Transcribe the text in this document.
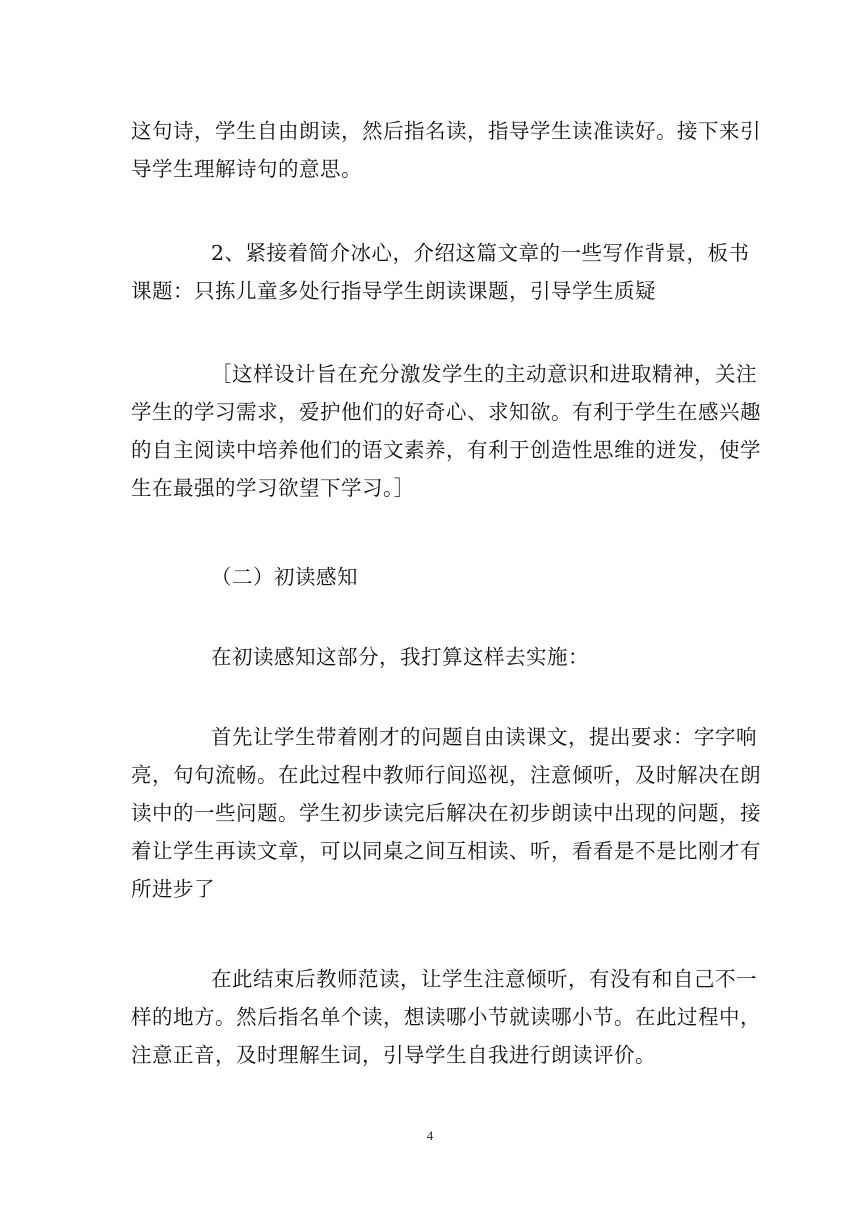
这句诗，学生自由朗读，然后指名读，指导学生读准读好。接下来引
导学生理解诗句的意思。
2、紧接着简介冰心，介绍这篇文章的一些写作背景，板书
课题：只拣儿童多处行指导学生朗读课题，引导学生质疑
［这样设计旨在充分激发学生的主动意识和进取精神，关注
学生的学习需求，爱护他们的好奇心、求知欲。有利于学生在感兴趣
的自主阅读中培养他们的语文素养，有利于创造性思维的迸发，使学
生在最强的学习欲望下学习。］
（二）初读感知
在初读感知这部分，我打算这样去实施：
首先让学生带着刚才的问题自由读课文，提出要求：字字响
亮，句句流畅。在此过程中教师行间巡视，注意倾听，及时解决在朗
读中的一些问题。学生初步读完后解决在初步朗读中出现的问题，接
着让学生再读文章，可以同桌之间互相读、听，看看是不是比刚才有
所进步了
在此结束后教师范读，让学生注意倾听，有没有和自己不一
样的地方。然后指名单个读，想读哪小节就读哪小节。在此过程中，
注意正音，及时理解生词，引导学生自我进行朗读评价。
4
